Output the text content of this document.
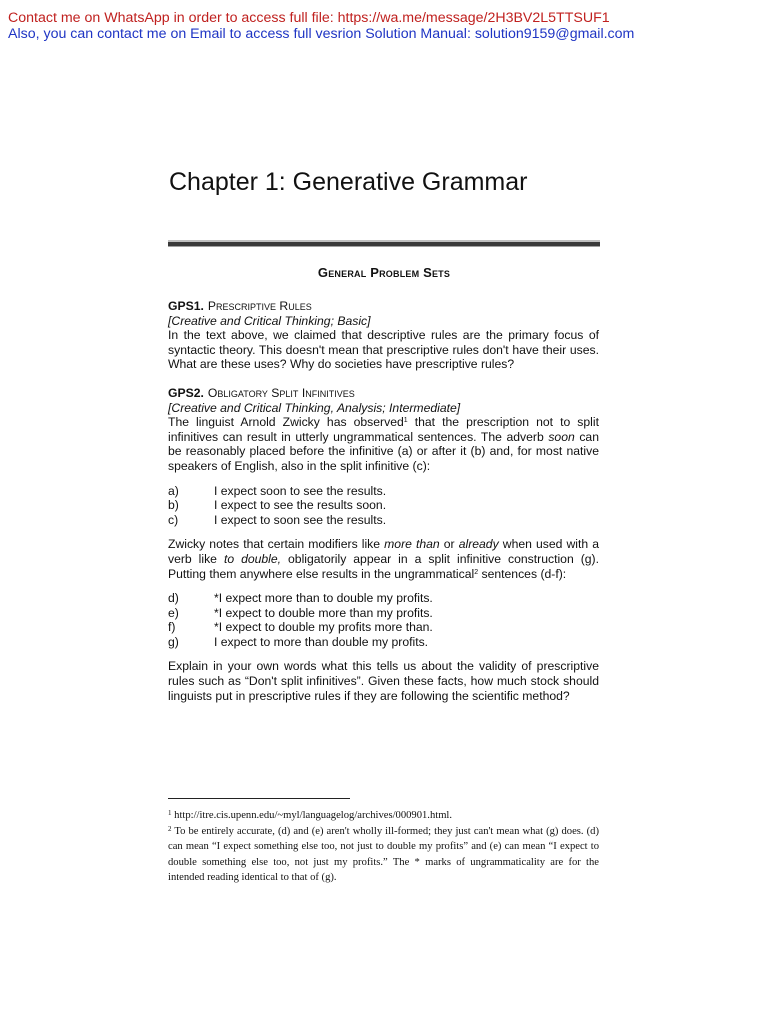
Contact me on WhatsApp in order to access full file: https://wa.me/message/2H3BV2L5TTSUF1
Also, you can contact me on Email to access full vesrion Solution Manual: solution9159@gmail.com
Chapter 1: Generative Grammar
General Problem Sets

GPS1. Prescriptive Rules

[Creative and Critical Thinking; Basic]

In the text above, we claimed that descriptive rules are the primary focus of syntactic theory. This doesn't mean that prescriptive rules don't have their uses. What are these uses? Why do societies have prescriptive rules?

GPS2. Obligatory Split Infinitives

[Creative and Critical Thinking, Analysis; Intermediate]

The linguist Arnold Zwicky has observed$^1$ that the prescription not to split infinitives can result in utterly ungrammatical sentences. The adverb soon can be reasonably placed before the infinitive (a) or after it (b) and, for most native speakers of English, also in the split infinitive (c):

a)	I expect soon to see the results.
b)	I expect to see the results soon.
c)	I expect to soon see the results.

Zwicky notes that certain modifiers like more than or already when used with a verb like to double, obligatorily appear in a split infinitive construction (g). Putting them anywhere else results in the ungrammatical$^2$ sentences (d-f):

d)	*I expect more than to double my profits.
e)	*I expect to double more than my profits.
f)	*I expect to double my profits more than.
g)	I expect to more than double my profits.

Explain in your own words what this tells us about the validity of prescriptive rules such as “Don't split infinitives”. Given these facts, how much stock should linguists put in prescriptive rules if they are following the scientific method?

$^1$ http://itre.cis.upenn.edu/~myl/languagelog/archives/000901.html.

$^2$ To be entirely accurate, (d) and (e) aren't wholly ill-formed; they just can't mean what (g) does. (d) can mean “I expect something else too, not just to double my profits” and (e) can mean “I expect to double something else too, not just my profits.” The * marks of ungrammaticality are for the intended reading identical to that of (g).
